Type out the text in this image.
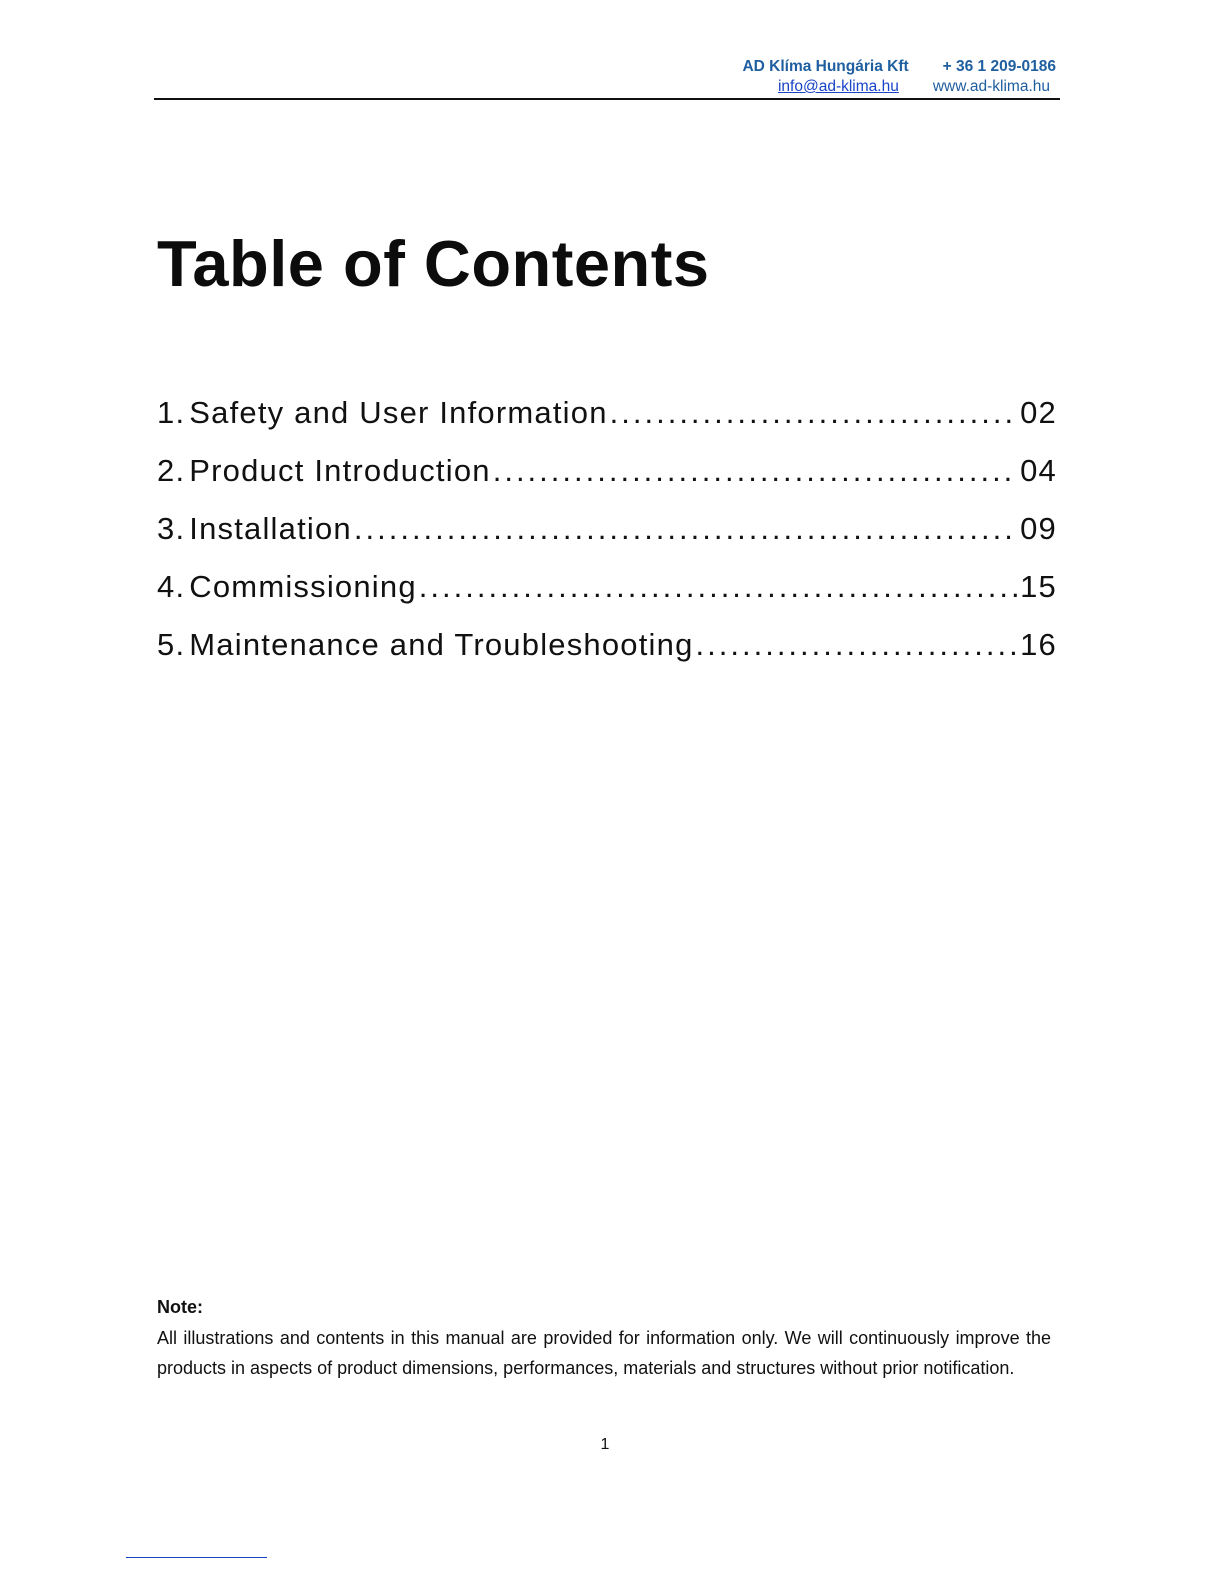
AD Klíma Hungária Kft + 36 1 209-0186
info@ad-klima.hu www.ad-klima.hu
Table of Contents
1. Safety and User Information .....	02
2. Product Introduction .....	04
3. Installation .....	09
4. Commissioning .....	15
5. Maintenance and Troubleshooting .....	16

Note:

All illustrations and contents in this manual are provided for information only. We will continuously improve the products in aspects of product dimensions, performances, materials and structures without prior notification.

1
